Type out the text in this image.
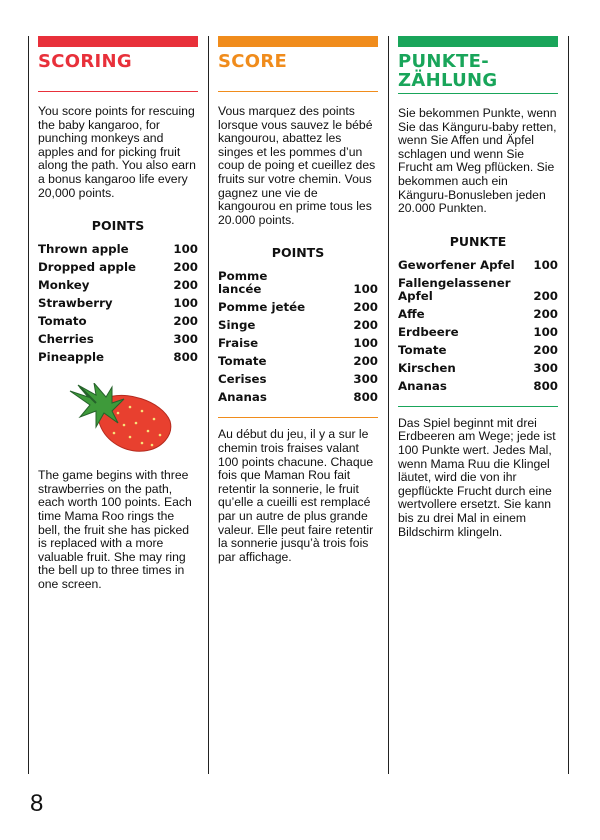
SCORING

You score points for rescuing the baby kangaroo, for punching monkeys and apples and for picking fruit along the path. You also earn a bonus kangaroo life every 20,000 points.

POINTS
Thrown apple	100
Dropped apple	200
Monkey	200
Strawberry	100
Tomato	200
Cherries	300
Pineapple	800

The game begins with three strawberries on the path, each worth 100 points. Each time Mama Roo rings the bell, the fruit she has picked is replaced with a more valuable fruit. She may ring the bell up to three times in one screen.

SCORE

Vous marquez des points lorsque vous sauvez le bébé kangourou, abattez les singes et les pommes d’un coup de poing et cueillez des fruits sur votre chemin. Vous gagnez une vie de kangourou en prime tous les 20.000 points.

POINTS
Pomme lancée	100
Pomme jetée	200
Singe	200
Fraise	100
Tomate	200
Cerises	300
Ananas	800

Au début du jeu, il y a sur le chemin trois fraises valant 100 points chacune. Chaque fois que Maman Rou fait retentir la sonnerie, le fruit qu’elle a cueilli est remplacé par un autre de plus grande valeur. Elle peut faire retentir la sonnerie jusqu’à trois fois par affichage.

PUNKTE-
ZÄHLUNG

Sie bekommen Punkte, wenn Sie das Känguru-baby retten, wenn Sie Affen und Äpfel schlagen und wenn Sie Frucht am Weg pflücken. Sie bekommen auch ein Känguru-Bonusleben jeden 20.000 Punkten.

PUNKTE
Geworfener Apfel	100
Fallengelassener Apfel	200
Affe	200
Erdbeere	100
Tomate	200
Kirschen	300
Ananas	800

Das Spiel beginnt mit drei Erdbeeren am Wege; jede ist 100 Punkte wert. Jedes Mal, wenn Mama Ruu die Klingel läutet, wird die von ihr gepflückte Frucht durch eine wertvollere ersetzt. Sie kann bis zu drei Mal in einem Bildschirm klingeln.

8
